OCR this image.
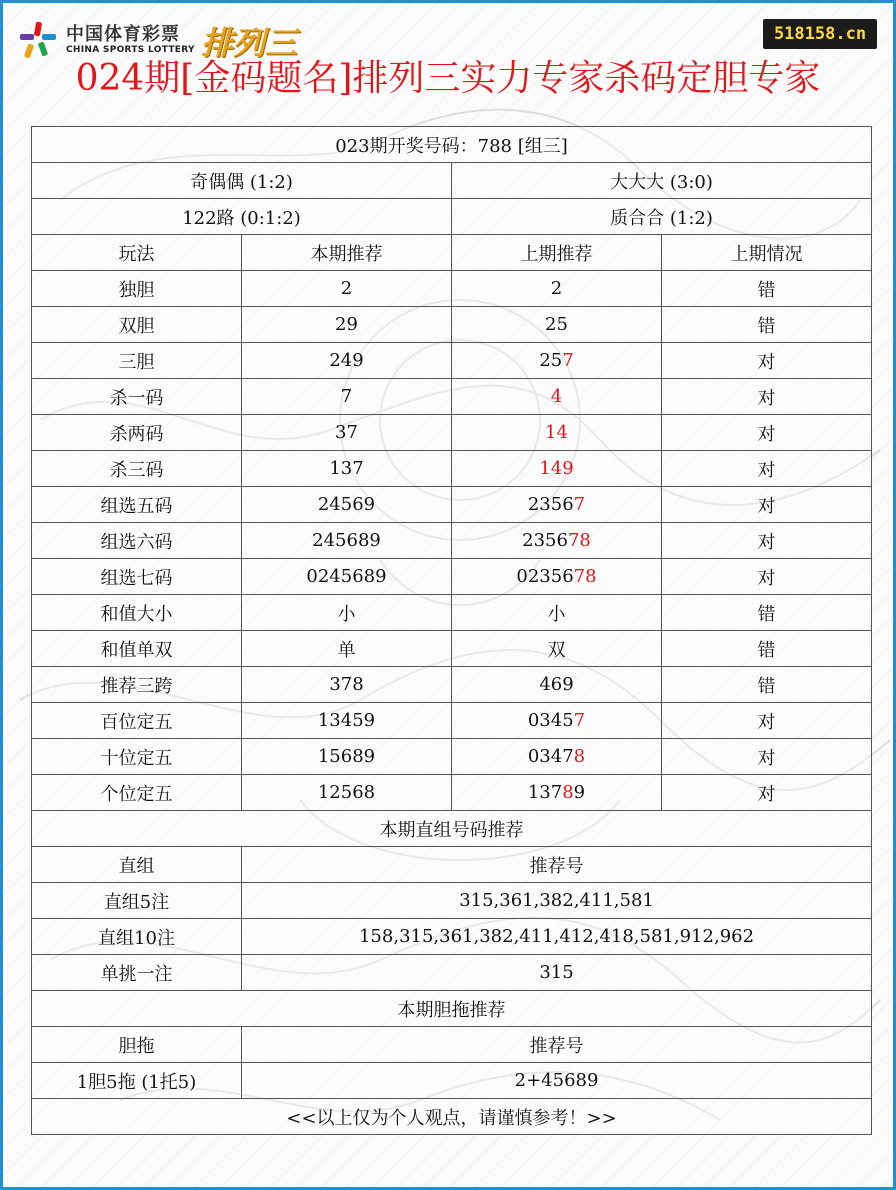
中国体育彩票
CHINA SPORTS LOTTERY 排列三	518158.cn
024期[金码题名]排列三实力专家杀码定胆专家
023期开奖号码：788 [组三]			
奇偶偶 (1:2)		大大大 (3:0)	
122路 (0:1:2)		质合合 (1:2)	
玩法	本期推荐	上期推荐	上期情况
独胆	2	2	错
双胆	29	25	错
三胆	249	257	对
杀一码	7	4	对
杀两码	37	14	对
杀三码	137	149	对
组选五码	24569	23567	对
组选六码	245689	235678	对
组选七码	0245689	0235678	对
和值大小	小	小	错
和值单双	单	双	错
推荐三跨	378	469	错
百位定五	13459	03457	对
十位定五	15689	03478	对
个位定五	12568	13789	对
本期直组号码推荐			
直组	推荐号		
直组5注	315,361,382,411,581		
直组10注	158,315,361,382,411,412,418,581,912,962		
单挑一注	315		
本期胆拖推荐			
胆拖	推荐号		
1胆5拖 (1托5)	2+45689		
<<以上仅为个人观点，请谨慎参考！>>			
